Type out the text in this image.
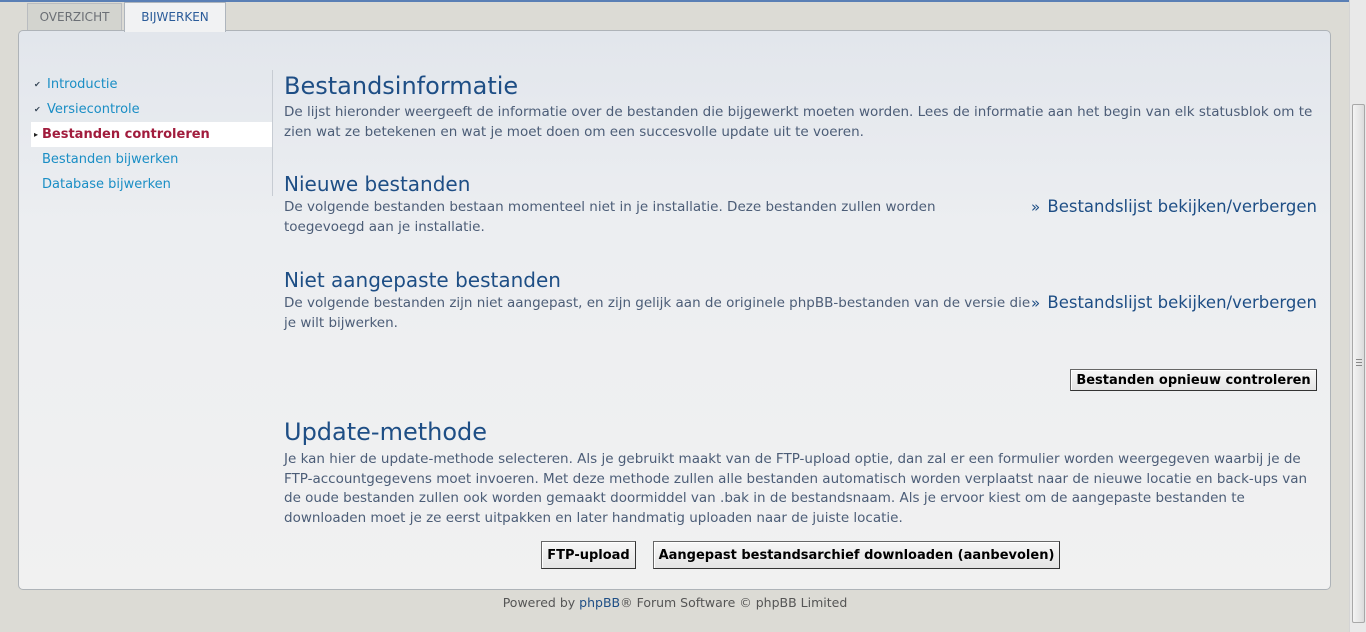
OVERZICHT	BIJWERKEN
✔ Introductie
✔ Versiecontrole
▸ Bestanden controleren
Bestanden bijwerken
Database bijwerken
Bestandsinformatie

De lijst hieronder weergeeft de informatie over de bestanden die bijgewerkt moeten worden. Lees de informatie aan het begin van elk statusblok om te zien wat ze betekenen en wat je moet doen om een succesvolle update uit te voeren.

Nieuwe bestanden

De volgende bestanden bestaan momenteel niet in je installatie. Deze bestanden zullen worden toegevoegd aan je installatie.

» Bestandslijst bekijken/verbergen
Niet aangepaste bestanden

De volgende bestanden zijn niet aangepast, en zijn gelijk aan de originele phpBB-bestanden van de versie die je wilt bijwerken.

» Bestandslijst bekijken/verbergen
Bestanden opnieuw controleren
Update-methode

Je kan hier de update-methode selecteren. Als je gebruikt maakt van de FTP-upload optie, dan zal er een formulier worden weergegeven waarbij je de FTP-accountgegevens moet invoeren. Met deze methode zullen alle bestanden automatisch worden verplaatst naar de nieuwe locatie en back-ups van de oude bestanden zullen ook worden gemaakt doormiddel van .bak in de bestandsnaam. Als je ervoor kiest om de aangepaste bestanden te downloaden moet je ze eerst uitpakken en later handmatig uploaden naar de juiste locatie.

FTP-upload	Aangepast bestandsarchief downloaden (aanbevolen)
Powered by phpBB® Forum Software © phpBB Limited
